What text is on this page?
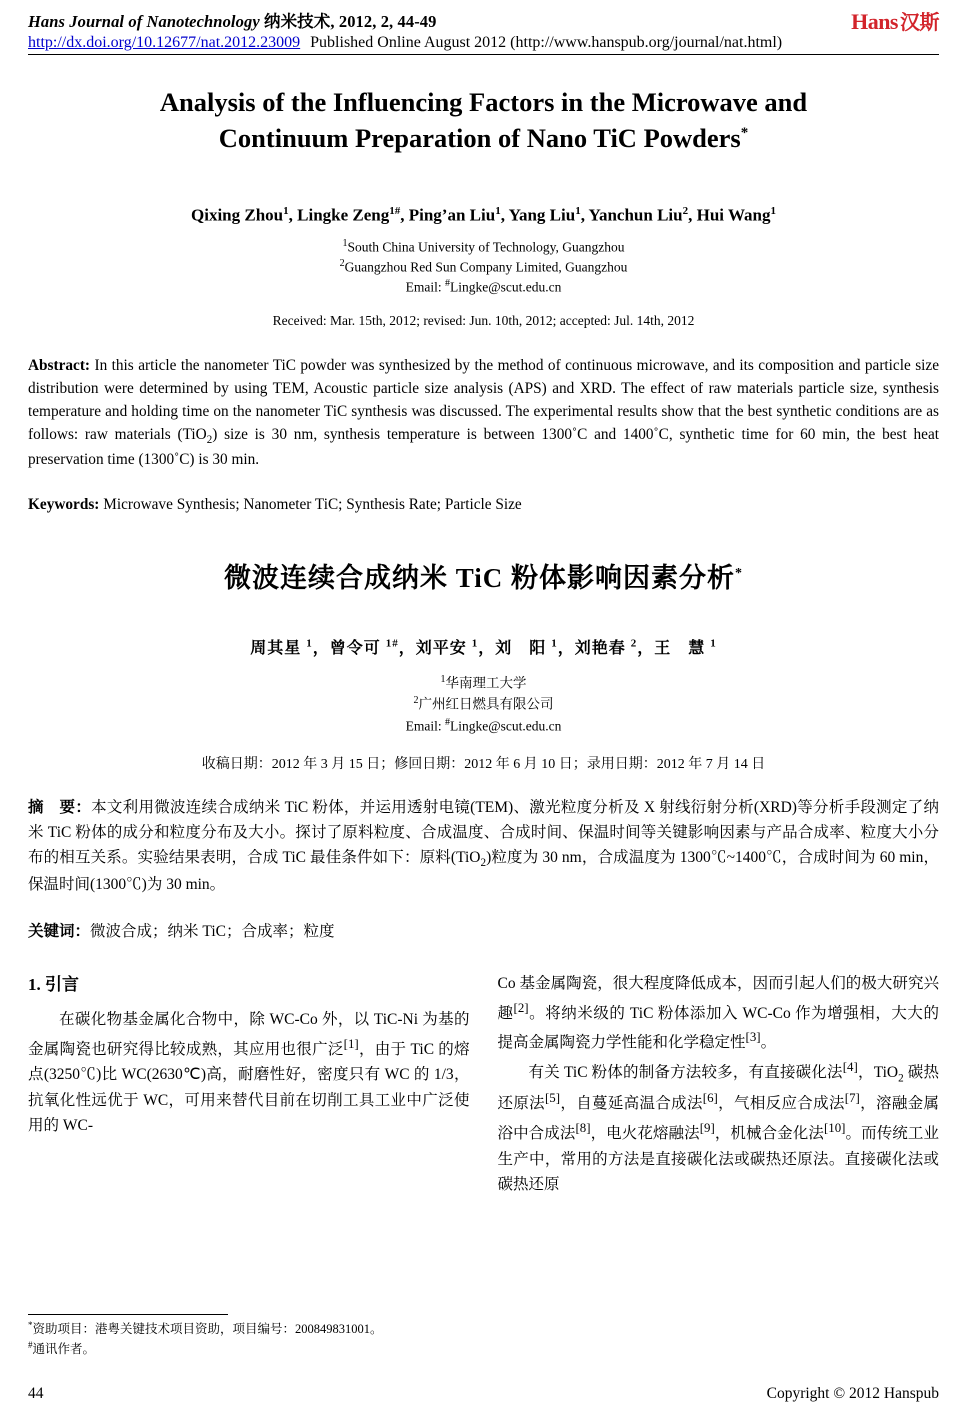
Hans Journal of Nanotechnology 纳米技术, 2012, 2, 44-49
http://dx.doi.org/10.12677/nat.2012.23009 Published Online August 2012 (http://www.hanspub.org/journal/nat.html)
Hans 汉斯
Analysis of the Influencing Factors in the Microwave and
Continuum Preparation of Nano TiC Powders*
Qixing Zhou$^1$, Lingke Zeng$^{1\#}$, Ping’an Liu$^1$, Yang Liu$^1$, Yanchun Liu$^2$, Hui Wang$^1$
$^1$South China University of Technology, Guangzhou
$^2$Guangzhou Red Sun Company Limited, Guangzhou
Email: #Lingke@scut.edu.cn
Received: Mar. 15th, 2012; revised: Jun. 10th, 2012; accepted: Jul. 14th, 2012
Abstract: In this article the nanometer TiC powder was synthesized by the method of continuous microwave, and its composition and particle size distribution were determined by using TEM, Acoustic particle size analysis (APS) and XRD. The effect of raw materials particle size, synthesis temperature and holding time on the nanometer TiC synthesis was discussed. The experimental results show that the best synthetic conditions are as follows: raw materials (TiO$_2$) size is 30 nm, synthesis temperature is between 1300˚C and 1400˚C, synthetic time for 60 min, the best heat preservation time (1300˚C) is 30 min.
Keywords: Microwave Synthesis; Nanometer TiC; Synthesis Rate; Particle Size
微波连续合成纳米 TiC 粉体影响因素分析*
周其星 $^1$，曾令可 $^{1\#}$，刘平安 $^1$，刘　阳 $^1$，刘艳春 $^2$，王　慧 $^1$
$^1$华南理工大学
$^2$广州红日燃具有限公司
Email: #Lingke@scut.edu.cn
收稿日期：2012 年 3 月 15 日；修回日期：2012 年 6 月 10 日；录用日期：2012 年 7 月 14 日
摘　要：本文利用微波连续合成纳米 TiC 粉体，并运用透射电镜(TEM)、激光粒度分析及 X 射线衍射分析(XRD)等分析手段测定了纳米 TiC 粉体的成分和粒度分布及大小。探讨了原料粒度、合成温度、合成时间、保温时间等关键影响因素与产品合成率、粒度大小分布的相互关系。实验结果表明，合成 TiC 最佳条件如下：原料(TiO$_2$)粒度为 30 nm，合成温度为 1300℃~1400℃，合成时间为 60 min，保温时间(1300℃)为 30 min。
关键词：微波合成；纳米 TiC；合成率；粒度
1. 引言
在碳化物基金属化合物中，除 WC-Co 外，以 TiC-Ni 为基的金属陶瓷也研究得比较成熟，其应用也很广泛[1]，由于 TiC 的熔点(3250℃)比 WC(2630℃)高，耐磨性好，密度只有 WC 的 1/3，抗氧化性远优于 WC，可用来替代目前在切削工具工业中广泛使用的 WC-
Co 基金属陶瓷，很大程度降低成本，因而引起人们的极大研究兴趣[2]。将纳米级的 TiC 粉体添加入 WC-Co 作为增强相，大大的提高金属陶瓷力学性能和化学稳定性[3]。
有关 TiC 粉体的制备方法较多，有直接碳化法[4]，TiO$_2$ 碳热还原法[5]，自蔓延高温合成法[6]，气相反应合成法[7]，溶融金属浴中合成法[8]，电火花熔融法[9]，机械合金化法[10]。而传统工业生产中，常用的方法是直接碳化法或碳热还原法。直接碳化法或碳热还原
*资助项目：港粤关键技术项目资助，项目编号：200849831001。
#通讯作者。
44	Copyright © 2012 Hanspub
